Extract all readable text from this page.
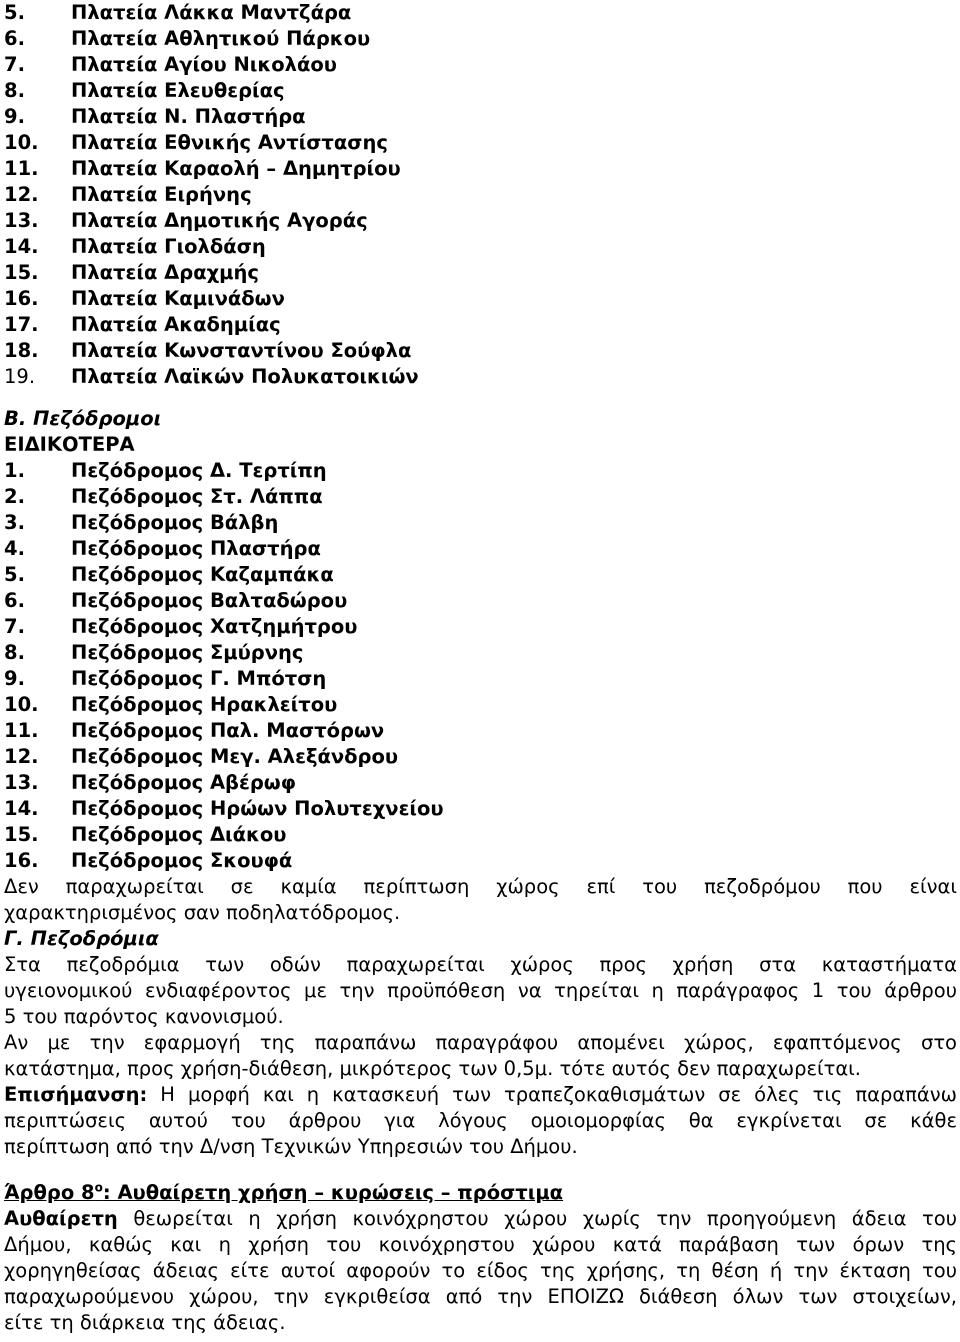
5.	Πλατεία Λάκκα Μαντζάρα
6.	Πλατεία Αθλητικού Πάρκου
7.	Πλατεία Αγίου Νικολάου
8.	Πλατεία Ελευθερίας
9.	Πλατεία Ν. Πλαστήρα
10.	Πλατεία Εθνικής Αντίστασης
11.	Πλατεία Καραολή – Δημητρίου
12.	Πλατεία Ειρήνης
13.	Πλατεία Δημοτικής Αγοράς
14.	Πλατεία Γιολδάση
15.	Πλατεία Δραχμής
16.	Πλατεία Καμινάδων
17.	Πλατεία Ακαδημίας
18.	Πλατεία Κωνσταντίνου Σούφλα
19.	Πλατεία Λαϊκών Πολυκατοικιών
Β. Πεζόδρομοι
ΕΙΔΙΚΟΤΕΡΑ
1.	Πεζόδρομος Δ. Τερτίπη
2.	Πεζόδρομος Στ. Λάππα
3.	Πεζόδρομος Βάλβη
4.	Πεζόδρομος Πλαστήρα
5.	Πεζόδρομος Καζαμπάκα
6.	Πεζόδρομος Βαλταδώρου
7.	Πεζόδρομος Χατζημήτρου
8.	Πεζόδρομος Σμύρνης
9.	Πεζόδρομος Γ. Μπότση
10.	Πεζόδρομος Ηρακλείτου
11.	Πεζόδρομος Παλ. Μαστόρων
12.	Πεζόδρομος Μεγ. Αλεξάνδρου
13.	Πεζόδρομος Αβέρωφ
14.	Πεζόδρομος Ηρώων Πολυτεχνείου
15.	Πεζόδρομος Διάκου
16.	Πεζόδρομος Σκουφά
Δεν παραχωρείται σε καμία περίπτωση χώρος επί του πεζοδρόμου που είναι
χαρακτηρισμένος σαν ποδηλατόδρομος.
Γ. Πεζοδρόμια
Στα πεζοδρόμια των οδών παραχωρείται χώρος προς χρήση στα καταστήματα
υγειονομικού ενδιαφέροντος με την προϋπόθεση να τηρείται η παράγραφος 1 του άρθρου
5 του παρόντος κανονισμού.
Αν με την εφαρμογή της παραπάνω παραγράφου απομένει χώρος, εφαπτόμενος στο
κατάστημα, προς χρήση-διάθεση, μικρότερος των 0,5μ. τότε αυτός δεν παραχωρείται.
Επισήμανση: Η μορφή και η κατασκευή των τραπεζοκαθισμάτων σε όλες τις παραπάνω
περιπτώσεις αυτού του άρθρου για λόγους ομοιομορφίας θα εγκρίνεται σε κάθε
περίπτωση από την Δ/νση Τεχνικών Υπηρεσιών του Δήμου.
Άρθρο $8^o$: Αυθαίρετη χρήση – κυρώσεις – πρόστιμα
Αυθαίρετη θεωρείται η χρήση κοινόχρηστου χώρου χωρίς την προηγούμενη άδεια του
Δήμου, καθώς και η χρήση του κοινόχρηστου χώρου κατά παράβαση των όρων της
χορηγηθείσας άδειας είτε αυτοί αφορούν το είδος της χρήσης, τη θέση ή την έκταση του
παραχωρούμενου χώρου, την εγκριθείσα από την ΕΠΟΙΖΩ διάθεση όλων των στοιχείων,
είτε τη διάρκεια της άδειας.
